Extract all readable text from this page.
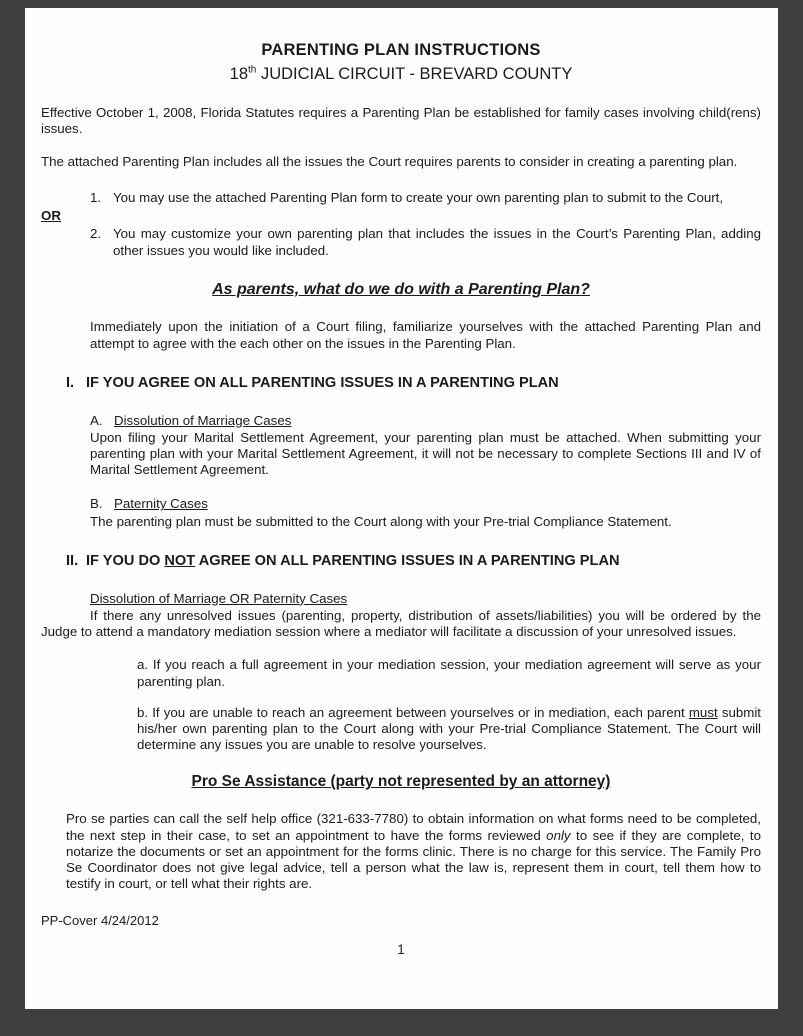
PARENTING PLAN INSTRUCTIONS
18th JUDICIAL CIRCUIT - BREVARD COUNTY

Effective October 1, 2008, Florida Statutes requires a Parenting Plan be established for family cases involving child(rens) issues.

The attached Parenting Plan includes all the issues the Court requires parents to consider in creating a parenting plan.

1. You may use the attached Parenting Plan form to create your own parenting plan to submit to the Court,
OR
2. You may customize your own parenting plan that includes the issues in the Court’s Parenting Plan, adding other issues you would like included.
As parents, what do we do with a Parenting Plan?

Immediately upon the initiation of a Court filing, familiarize yourselves with the attached Parenting Plan and attempt to agree with the each other on the issues in the Parenting Plan.

I. IF YOU AGREE ON ALL PARENTING ISSUES IN A PARENTING PLAN
A. Dissolution of Marriage Cases

Upon filing your Marital Settlement Agreement, your parenting plan must be attached. When submitting your parenting plan with your Marital Settlement Agreement, it will not be necessary to complete Sections III and IV of Marital Settlement Agreement.

B. Paternity Cases

The parenting plan must be submitted to the Court along with your Pre-trial Compliance Statement.

II. IF YOU DO NOT AGREE ON ALL PARENTING ISSUES IN A PARENTING PLAN
Dissolution of Marriage OR Paternity Cases

If there any unresolved issues (parenting, property, distribution of assets/liabilities) you will be ordered by the Judge to attend a mandatory mediation session where a mediator will facilitate a discussion of your unresolved issues.

a. If you reach a full agreement in your mediation session, your mediation agreement will serve as your parenting plan.

b. If you are unable to reach an agreement between yourselves or in mediation, each parent must submit his/her own parenting plan to the Court along with your Pre-trial Compliance Statement. The Court will determine any issues you are unable to resolve yourselves.

Pro Se Assistance (party not represented by an attorney)

Pro se parties can call the self help office (321-633-7780) to obtain information on what forms need to be completed, the next step in their case, to set an appointment to have the forms reviewed only to see if they are complete, to notarize the documents or set an appointment for the forms clinic. There is no charge for this service. The Family Pro Se Coordinator does not give legal advice, tell a person what the law is, represent them in court, tell them how to testify in court, or tell what their rights are.

PP-Cover 4/24/2012
1
